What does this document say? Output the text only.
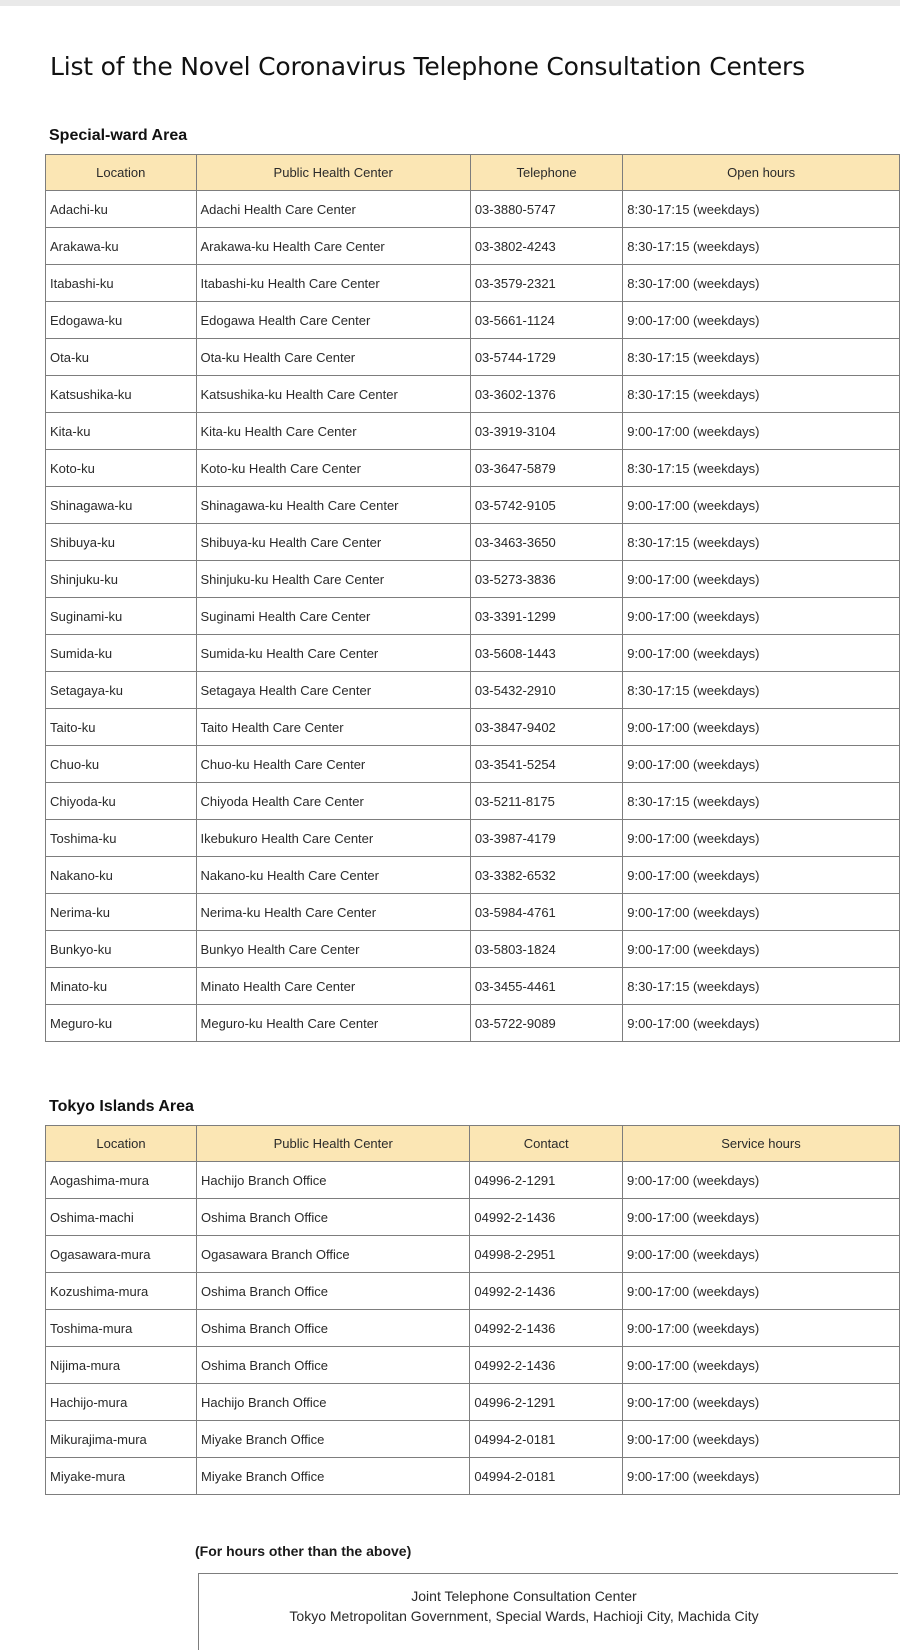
List of the Novel Coronavirus Telephone Consultation Centers
Special-ward Area
Location	Public Health Center	Telephone	Open hours
Adachi-ku	Adachi Health Care Center	03-3880-5747	8:30-17:15 (weekdays)
Arakawa-ku	Arakawa-ku Health Care Center	03-3802-4243	8:30-17:15 (weekdays)
Itabashi-ku	Itabashi-ku Health Care Center	03-3579-2321	8:30-17:00 (weekdays)
Edogawa-ku	Edogawa Health Care Center	03-5661-1124	9:00-17:00 (weekdays)
Ota-ku	Ota-ku Health Care Center	03-5744-1729	8:30-17:15 (weekdays)
Katsushika-ku	Katsushika-ku Health Care Center	03-3602-1376	8:30-17:15 (weekdays)
Kita-ku	Kita-ku Health Care Center	03-3919-3104	9:00-17:00 (weekdays)
Koto-ku	Koto-ku Health Care Center	03-3647-5879	8:30-17:15 (weekdays)
Shinagawa-ku	Shinagawa-ku Health Care Center	03-5742-9105	9:00-17:00 (weekdays)
Shibuya-ku	Shibuya-ku Health Care Center	03-3463-3650	8:30-17:15 (weekdays)
Shinjuku-ku	Shinjuku-ku Health Care Center	03-5273-3836	9:00-17:00 (weekdays)
Suginami-ku	Suginami Health Care Center	03-3391-1299	9:00-17:00 (weekdays)
Sumida-ku	Sumida-ku Health Care Center	03-5608-1443	9:00-17:00 (weekdays)
Setagaya-ku	Setagaya Health Care Center	03-5432-2910	8:30-17:15 (weekdays)
Taito-ku	Taito Health Care Center	03-3847-9402	9:00-17:00 (weekdays)
Chuo-ku	Chuo-ku Health Care Center	03-3541-5254	9:00-17:00 (weekdays)
Chiyoda-ku	Chiyoda Health Care Center	03-5211-8175	8:30-17:15 (weekdays)
Toshima-ku	Ikebukuro Health Care Center	03-3987-4179	9:00-17:00 (weekdays)
Nakano-ku	Nakano-ku Health Care Center	03-3382-6532	9:00-17:00 (weekdays)
Nerima-ku	Nerima-ku Health Care Center	03-5984-4761	9:00-17:00 (weekdays)
Bunkyo-ku	Bunkyo Health Care Center	03-5803-1824	9:00-17:00 (weekdays)
Minato-ku	Minato Health Care Center	03-3455-4461	8:30-17:15 (weekdays)
Meguro-ku	Meguro-ku Health Care Center	03-5722-9089	9:00-17:00 (weekdays)
Tokyo Islands Area
Location	Public Health Center	Contact	Service hours
Aogashima-mura	Hachijo Branch Office	04996-2-1291	9:00-17:00 (weekdays)
Oshima-machi	Oshima Branch Office	04992-2-1436	9:00-17:00 (weekdays)
Ogasawara-mura	Ogasawara Branch Office	04998-2-2951	9:00-17:00 (weekdays)
Kozushima-mura	Oshima Branch Office	04992-2-1436	9:00-17:00 (weekdays)
Toshima-mura	Oshima Branch Office	04992-2-1436	9:00-17:00 (weekdays)
Nijima-mura	Oshima Branch Office	04992-2-1436	9:00-17:00 (weekdays)
Hachijo-mura	Hachijo Branch Office	04996-2-1291	9:00-17:00 (weekdays)
Mikurajima-mura	Miyake Branch Office	04994-2-0181	9:00-17:00 (weekdays)
Miyake-mura	Miyake Branch Office	04994-2-0181	9:00-17:00 (weekdays)

(For hours other than the above)

Joint Telephone Consultation Center
Tokyo Metropolitan Government, Special Wards, Hachioji City, Machida City
